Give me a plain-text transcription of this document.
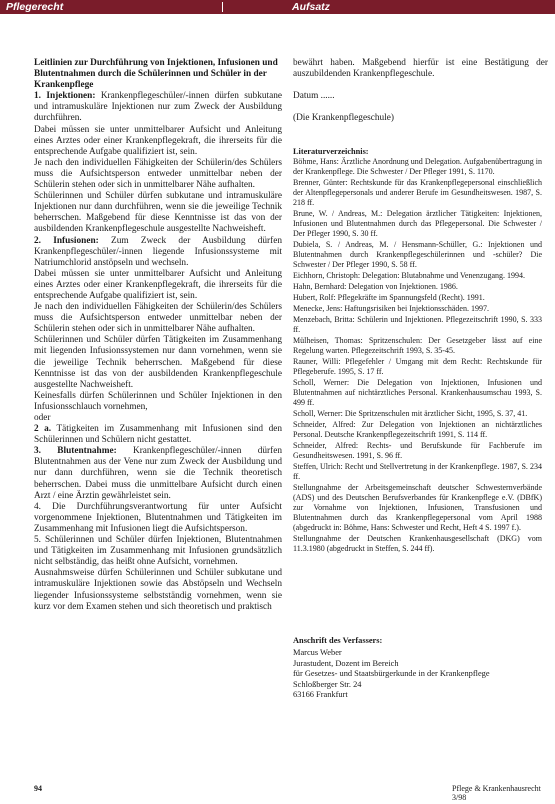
Pflegerecht	Aufsatz
Leitlinien zur Durchführung von Injektionen, Infusionen und Blutentnahmen durch die Schülerinnen und Schüler in der Krankenpflege
1. Injektionen: Krankenpflegeschüler/-innen dürfen subkutane und intramuskuläre Injektionen nur zum Zweck der Ausbildung durchführen.
Dabei müssen sie unter unmittelbarer Aufsicht und Anleitung eines Arztes oder einer Krankenpflegekraft, die ihrerseits für die entsprechende Aufgabe qualifiziert ist, sein.
Je nach den individuellen Fähigkeiten der Schülerin/des Schülers muss die Aufsichtsperson entweder unmittelbar neben der Schülerin stehen oder sich in unmittelbarer Nähe aufhalten.
Schülerinnen und Schüler dürfen subkutane und intramuskuläre Injektionen nur dann durchführen, wenn sie die jeweilige Technik beherrschen. Maßgebend für diese Kenntnisse ist das von der ausbildenden Krankenpflegeschule ausgestellte Nachweisheft.
2. Infusionen: Zum Zweck der Ausbildung dürfen Krankenpflegeschüler/-innen liegende Infusionssysteme mit Natriumchlorid anstöpseln und wechseln.
Dabei müssen sie unter unmittelbarer Aufsicht und Anleitung eines Arztes oder einer Krankenpflegekraft, die ihrerseits für die entsprechende Aufgabe qualifiziert ist, sein.
Je nach den individuellen Fähigkeiten der Schülerin/des Schülers muss die Aufsichtsperson entweder unmittelbar neben der Schülerin stehen oder sich in unmittelbarer Nähe aufhalten.
Schülerinnen und Schüler dürfen Tätigkeiten im Zusammenhang mit liegenden Infusionssystemen nur dann vornehmen, wenn sie die jeweilige Technik beherrschen. Maßgebend für diese Kenntnisse ist das von der ausbildenden Krankenpflegeschule ausgestellte Nachweisheft.
Keinesfalls dürfen Schülerinnen und Schüler Injektionen in den Infusionsschlauch vornehmen,
oder
2 a. Tätigkeiten im Zusammenhang mit Infusionen sind den Schülerinnen und Schülern nicht gestattet.
3. Blutentnahme: Krankenpflegeschüler/-innen dürfen Blutentnahmen aus der Vene nur zum Zweck der Ausbildung und nur dann durchführen, wenn sie die Technik theoretisch beherrschen. Dabei muss die unmittelbare Aufsicht durch einen Arzt / eine Ärztin gewährleistet sein.
4. Die Durchführungsverantwortung für unter Aufsicht vorgenommene Injektionen, Blutentnahmen und Tätigkeiten im Zusammenhang mit Infusionen liegt die Aufsichtsperson.
5. Schülerinnen und Schüler dürfen Injektionen, Blutentnahmen und Tätigkeiten im Zusammenhang mit Infusionen grundsätzlich nicht selbständig, das heißt ohne Aufsicht, vornehmen.
Ausnahmsweise dürfen Schülerinnen und Schüler subkutane und intramuskuläre Injektionen sowie das Abstöpseln und Wechseln liegender Infusionssysteme selbstständig vornehmen, wenn sie kurz vor dem Examen stehen und sich theoretisch und praktisch
bewährt haben. Maßgebend hierfür ist eine Bestätigung der auszubildenden Krankenpflegeschule.
Datum ......
(Die Krankenpflegeschule)
Literaturverzeichnis:
Böhme, Hans: Ärztliche Anordnung und Delegation. Aufgabenübertragung in der Krankenpflege. Die Schwester / Der Pfleger 1991, S. 1170.
Brenner, Günter: Rechtskunde für das Krankenpflegepersonal einschließlich der Altenpflegepersonals und anderer Berufe im Gesundheitswesen. 1987, S. 218 ff.
Brune, W. / Andreas, M.: Delegation ärztlicher Tätigkeiten: Injektionen, Infusionen und Blutentnahmen durch das Pflegepersonal. Die Schwester / Der Pfleger 1990, S. 30 ff.
Dubiela, S. / Andreas, M. / Hensmann-Schüller, G.: Injektionen und Blutentnahmen durch Krankenpflegeschülerinnen und -schüler? Die Schwester / Der Pfleger 1990, S. 58 ff.
Eichhorn, Christoph: Delegation: Blutabnahme und Venenzugang. 1994.
Hahn, Bernhard: Delegation von Injektionen. 1986.
Hubert, Rolf: Pflegekräfte im Spannungsfeld (Recht). 1991.
Menecke, Jens: Haftungsrisiken bei Injektionsschäden. 1997.
Menzebach, Britta: Schülerin und Injektionen. Pflegezeitschrift 1990, S. 333 ff.
Mülheisen, Thomas: Spritzenschulen: Der Gesetzgeber lässt auf eine Regelung warten. Pflegezeitschrift 1993, S. 35-45.
Rauner, Willi: Pflegefehler / Umgang mit dem Recht: Rechtskunde für Pflegeberufe. 1995, S. 17 ff.
Scholl, Werner: Die Delegation von Injektionen, Infusionen und Blutentnahmen auf nichtärztliches Personal. Krankenhausumschau 1993, S. 499 ff.
Scholl, Werner: Die Spritzenschulen mit ärztlicher Sicht, 1995, S. 37, 41.
Schneider, Alfred: Zur Delegation von Injektionen an nichtärztliches Personal. Deutsche Krankenpflegezeitschrift 1991, S. 114 ff.
Schneider, Alfred: Rechts- und Berufskunde für Fachberufe im Gesundheitswesen. 1991, S. 96 ff.
Steffen, Ulrich: Recht und Stellvertretung in der Krankenpflege. 1987, S. 234 ff.
Stellungnahme der Arbeitsgemeinschaft deutscher Schwesternverbände (ADS) und des Deutschen Berufsverbandes für Krankenpflege e.V. (DBfK) zur Vornahme von Injektionen, Infusionen, Transfusionen und Blutentnahmen durch das Krankenpflegepersonal vom April 1988 (abgedruckt in: Böhme, Hans: Schwester und Recht, Heft 4 S. 1997 f.).
Stellungnahme der Deutschen Krankenhausgesellschaft (DKG) vom 11.3.1980 (abgedruckt in Steffen, S. 244 ff).
Anschrift des Verfassers:
Marcus Weber
Jurastudent, Dozent im Bereich
für Gesetzes- und Staatsbürgerkunde in der Krankenpflege
Schloßberger Str. 24
63166 Frankfurt
94	Pflege & Krankenhausrecht 3/98
